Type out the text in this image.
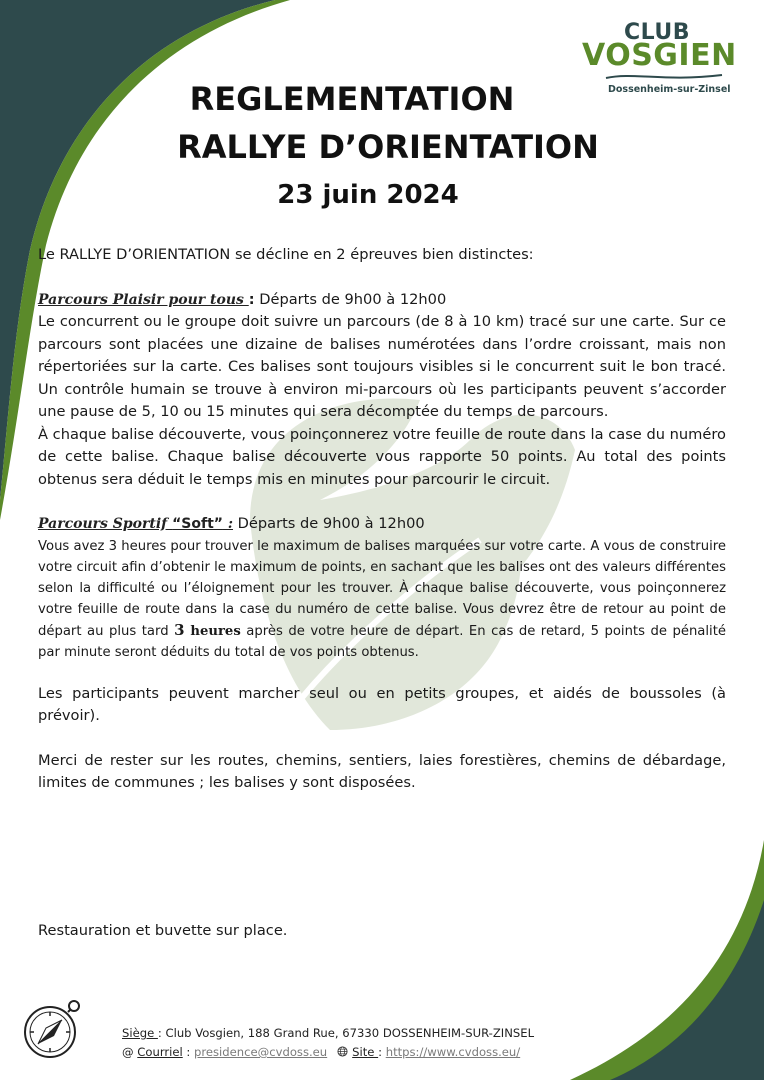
CLUB
VOSGIEN
Dossenheim-sur-Zinsel
REGLEMENTATION
RALLYE D’ORIENTATION
23 juin 2024

Le RALLYE D’ORIENTATION se décline en 2 épreuves bien distinctes:

Parcours Plaisir pour tous : Départs de 9h00 à 12h00

Le concurrent ou le groupe doit suivre un parcours (de 8 à 10 km) tracé sur une carte. Sur ce parcours sont placées une dizaine de balises numérotées dans l’ordre croissant, mais non répertoriées sur la carte. Ces balises sont toujours visibles si le concurrent suit le bon tracé. Un contrôle humain se trouve à environ mi-parcours où les participants peuvent s’accorder une pause de 5, 10 ou 15 minutes qui sera décomptée du temps de parcours.

À chaque balise découverte, vous poinçonnerez votre feuille de route dans la case du numéro de cette balise. Chaque balise découverte vous rapporte 50 points. Au total des points obtenus sera déduit le temps mis en minutes pour parcourir le circuit.

Parcours Sportif “Soft” : Départs de 9h00 à 12h00

Vous avez 3 heures pour trouver le maximum de balises marquées sur votre carte. A vous de construire votre circuit afin d’obtenir le maximum de points, en sachant que les balises ont des valeurs différentes selon la difficulté ou l’éloignement pour les trouver. À chaque balise découverte, vous poinçonnerez votre feuille de route dans la case du numéro de cette balise. Vous devrez être de retour au point de départ au plus tard 3 heures après de votre heure de départ. En cas de retard, 5 points de pénalité par minute seront déduits du total de vos points obtenus.

Les participants peuvent marcher seul ou en petits groupes, et aidés de boussoles (à prévoir).

Merci de rester sur les routes, chemins, sentiers, laies forestières, chemins de débardage, limites de communes ; les balises y sont disposées.

Restauration et buvette sur place.
Siège : Club Vosgien, 188 Grand Rue, 67330 DOSSENHEIM-SUR-ZINSEL
@ Courriel : presidence@cvdoss.eu Site : https://www.cvdoss.eu/
